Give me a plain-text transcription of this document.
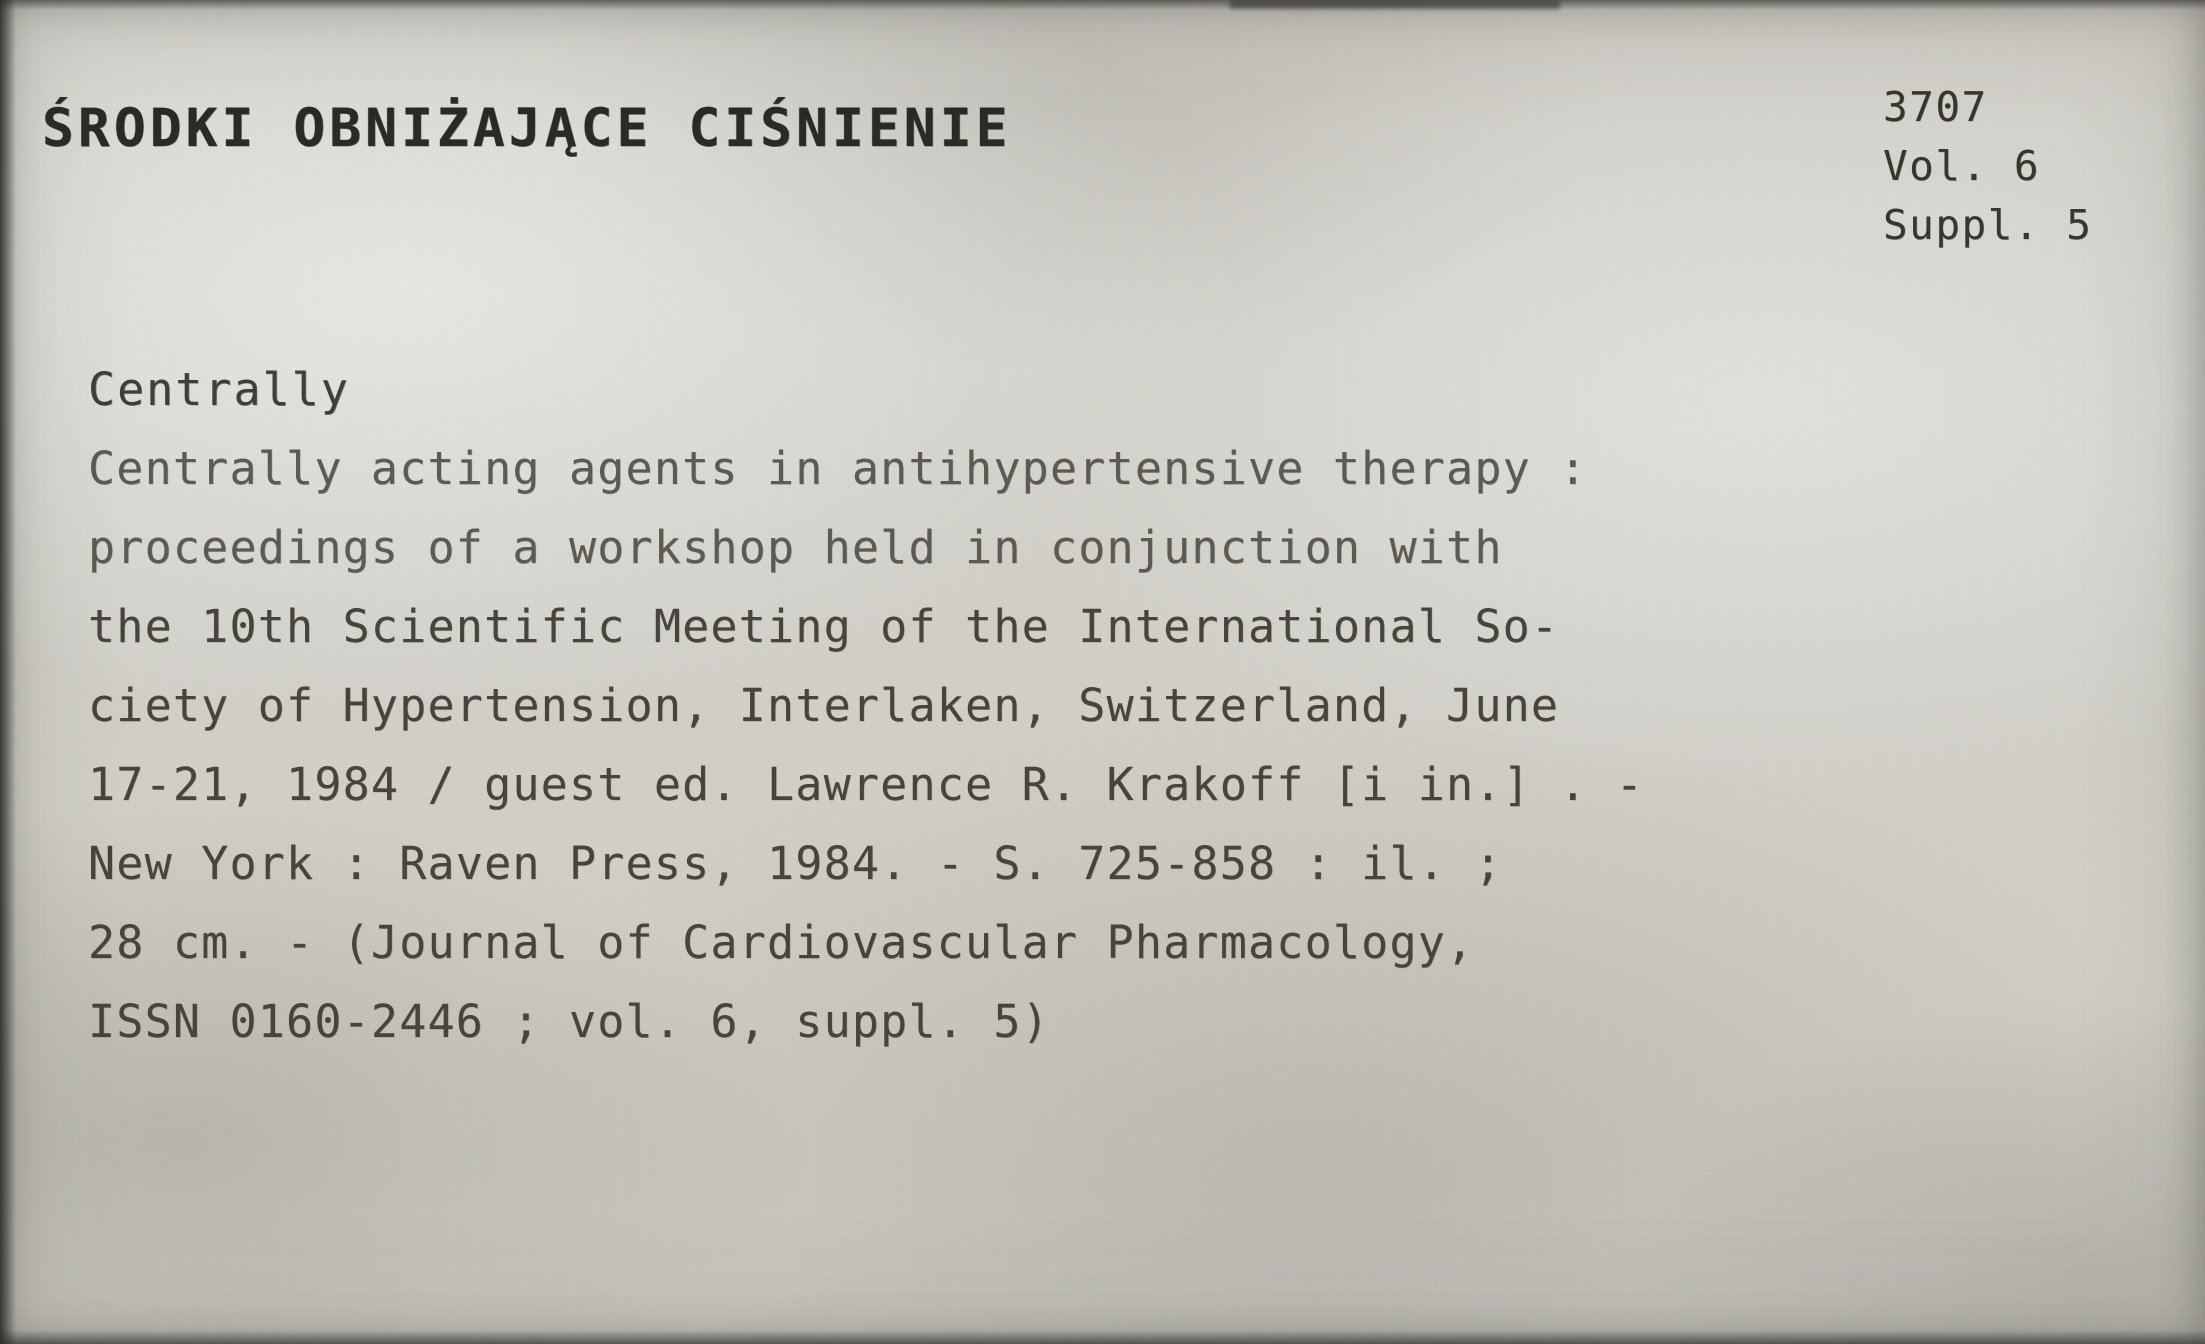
ŚRODKI OBNIŻAJĄCE CIŚNIENIE	3707
Vol. 6
Suppl. 5
Centrally
Centrally acting agents in antihypertensive therapy :
proceedings of a workshop held in conjunction with
the 10th Scientific Meeting of the International So-
ciety of Hypertension, Interlaken, Switzerland, June
17-21, 1984 / guest ed. Lawrence R. Krakoff [i in.] . -
New York : Raven Press, 1984. - S. 725-858 : il. ;
28 cm. - (Journal of Cardiovascular Pharmacology,
ISSN 0160-2446 ; vol. 6, suppl. 5)
